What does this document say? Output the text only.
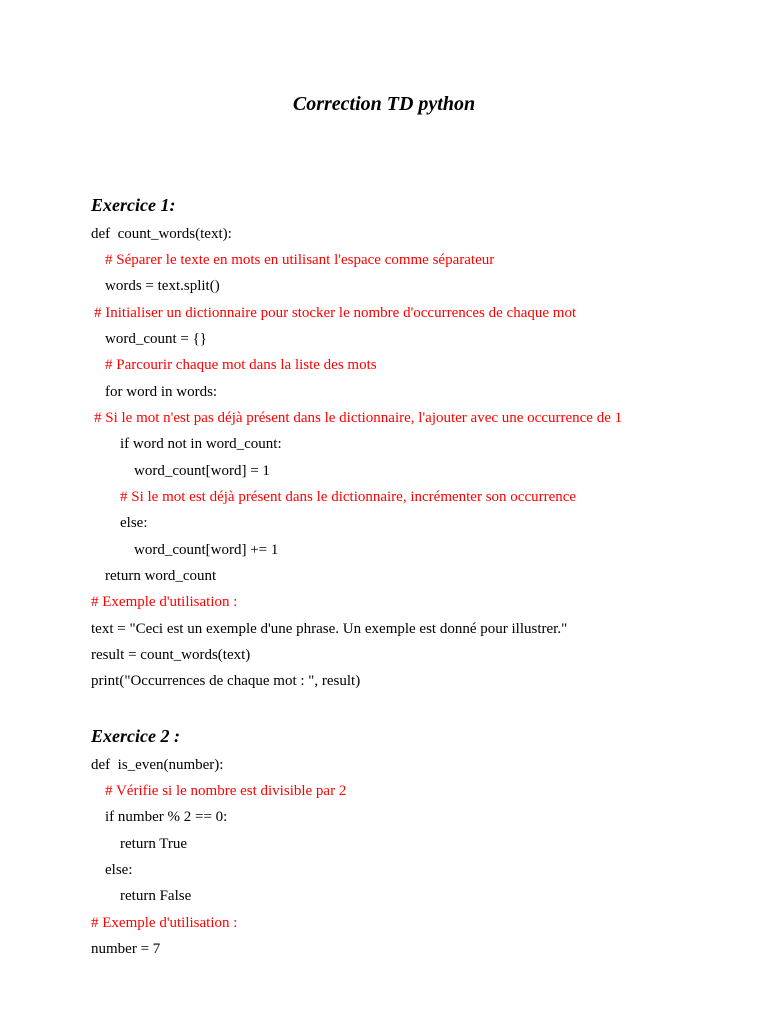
Correction TD python
Exercice 1:
def  count_words(text):
# Séparer le texte en mots en utilisant l'espace comme séparateur
words = text.split()
# Initialiser un dictionnaire pour stocker le nombre d'occurrences de chaque mot
word_count = {}
# Parcourir chaque mot dans la liste des mots
for word in words:
# Si le mot n'est pas déjà présent dans le dictionnaire, l'ajouter avec une occurrence de 1
if word not in word_count:
word_count[word] = 1
# Si le mot est déjà présent dans le dictionnaire, incrémenter son occurrence
else:
word_count[word] += 1
return word_count
# Exemple d'utilisation :
text = "Ceci est un exemple d'une phrase. Un exemple est donné pour illustrer."
result = count_words(text)
print("Occurrences de chaque mot : ", result)
Exercice 2 :
def  is_even(number):
# Vérifie si le nombre est divisible par 2
if number % 2 == 0:
return True
else:
return False
# Exemple d'utilisation :
number = 7
